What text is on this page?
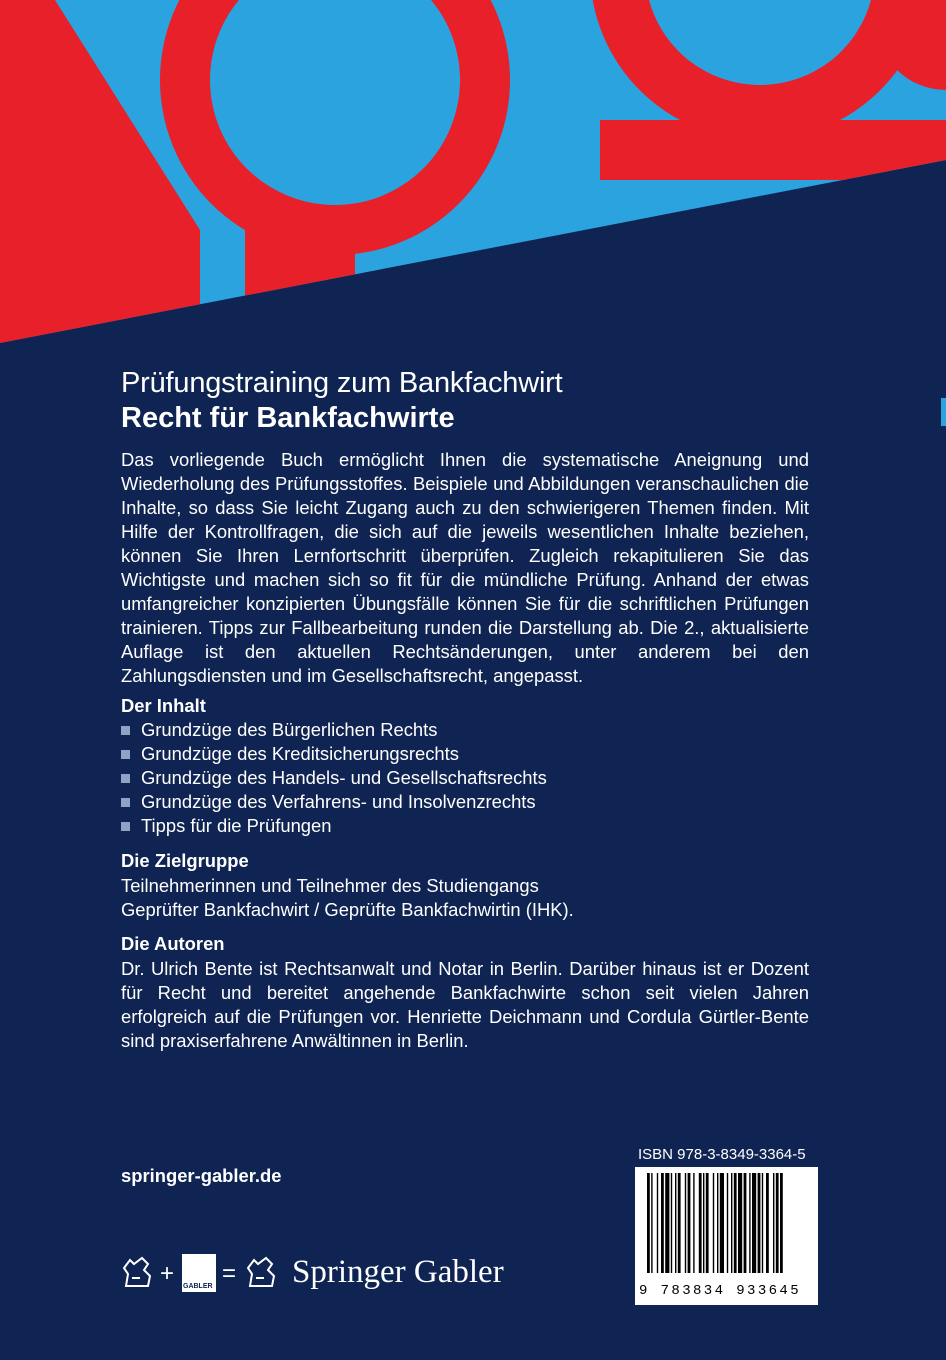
Prüfungstraining zum Bankfachwirt
Recht für Bankfachwirte

Das vorliegende Buch ermöglicht Ihnen die systematische Aneignung und Wiederholung des Prüfungsstoffes. Beispiele und Abbildungen veranschaulichen die Inhalte, so dass Sie leicht Zugang auch zu den schwierigeren Themen finden. Mit Hilfe der Kontrollfragen, die sich auf die jeweils wesentlichen Inhalte beziehen, können Sie Ihren Lernfortschritt überprüfen. Zugleich rekapitulieren Sie das Wichtigste und machen sich so fit für die mündliche Prüfung. Anhand der etwas umfangreicher konzipierten Übungsfälle können Sie für die schriftlichen Prüfungen trainieren. Tipps zur Fallbearbeitung runden die Darstellung ab. Die 2., aktualisierte Auflage ist den aktuellen Rechtsänderungen, unter anderem bei den Zahlungsdiensten und im Gesellschaftsrecht, angepasst.

Der Inhalt

Grundzüge des Bürgerlichen Rechts
Grundzüge des Kreditsicherungsrechts
Grundzüge des Handels- und Gesellschaftsrechts
Grundzüge des Verfahrens- und Insolvenzrechts
Tipps für die Prüfungen

Die Zielgruppe

Teilnehmerinnen und Teilnehmer des Studiengangs

Geprüfter Bankfachwirt / Geprüfte Bankfachwirtin (IHK).

Die Autoren

Dr. Ulrich Bente ist Rechtsanwalt und Notar in Berlin. Darüber hinaus ist er Dozent für Recht und bereitet angehende Bankfachwirte schon seit vielen Jahren erfolgreich auf die Prüfungen vor. Henriette Deichmann und Cordula Gürtler-Bente sind praxiserfahrene Anwältinnen in Berlin.

springer-gabler.de
+ GABLER = Springer Gabler
ISBN 978-3-8349-3364-5
9 783834 933645
